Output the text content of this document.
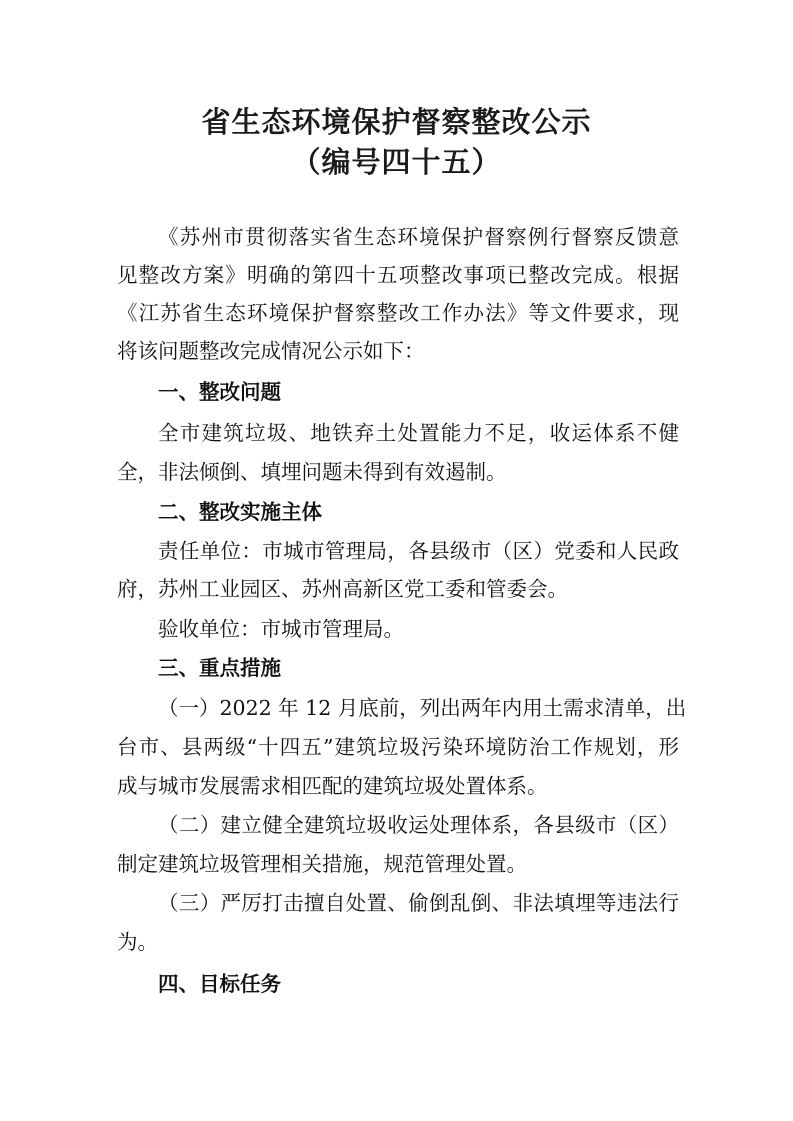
省生态环境保护督察整改公示
（编号四十五）
《苏州市贯彻落实省生态环境保护督察例行督察反馈意
见整改方案》明确的第四十五项整改事项已整改完成。根据
《江苏省生态环境保护督察整改工作办法》等文件要求，现
将该问题整改完成情况公示如下：
一、整改问题
全市建筑垃圾、地铁弃土处置能力不足，收运体系不健
全，非法倾倒、填埋问题未得到有效遏制。
二、整改实施主体
责任单位：市城市管理局，各县级市（区）党委和人民政
府，苏州工业园区、苏州高新区党工委和管委会。
验收单位：市城市管理局。
三、重点措施
（一）2022 年 12 月底前，列出两年内用土需求清单，出
台市、县两级“十四五”建筑垃圾污染环境防治工作规划，形
成与城市发展需求相匹配的建筑垃圾处置体系。
（二）建立健全建筑垃圾收运处理体系，各县级市（区）
制定建筑垃圾管理相关措施，规范管理处置。
（三）严厉打击擅自处置、偷倒乱倒、非法填埋等违法行
为。
四、目标任务
